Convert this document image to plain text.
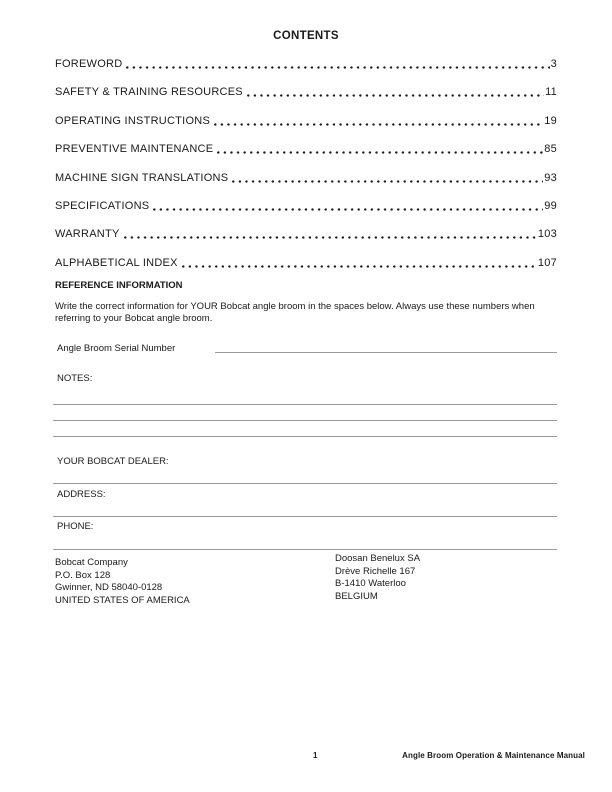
CONTENTS
FOREWORD	3
SAFETY & TRAINING RESOURCES	11
OPERATING INSTRUCTIONS	19
PREVENTIVE MAINTENANCE	85
MACHINE SIGN TRANSLATIONS	93
SPECIFICATIONS	99
WARRANTY	103
ALPHABETICAL INDEX	107
REFERENCE INFORMATION
Write the correct information for YOUR Bobcat angle broom in the spaces below. Always use these numbers when referring to your Bobcat angle broom.
Angle Broom Serial Number
NOTES:
YOUR BOBCAT DEALER:
ADDRESS:
PHONE:
Bobcat Company
P.O. Box 128
Gwinner, ND 58040-0128
UNITED STATES OF AMERICA
Doosan Benelux SA
Drève Richelle 167
B-1410 Waterloo
BELGIUM
1	Angle Broom Operation & Maintenance Manual
